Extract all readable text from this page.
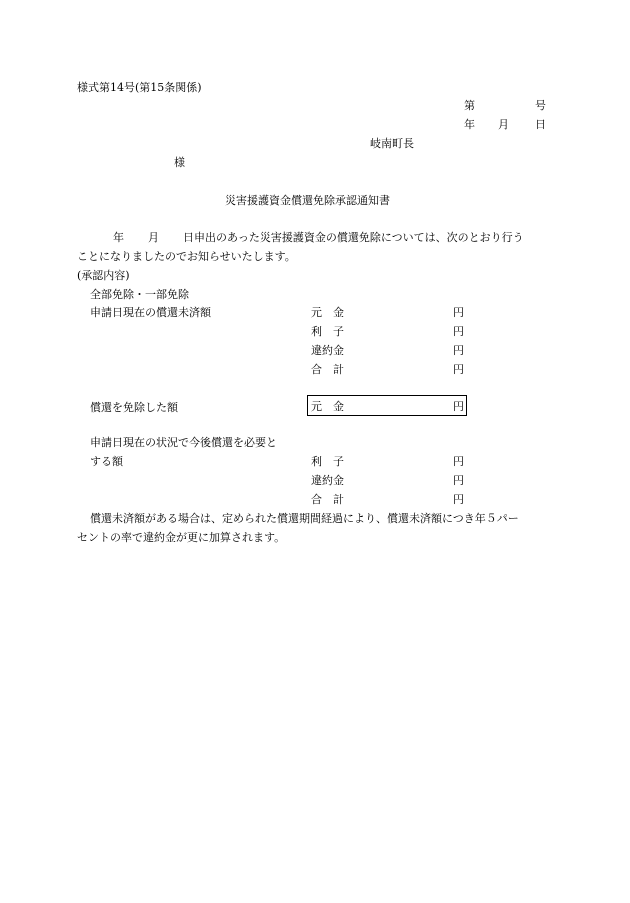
様式第14号(第15条関係)
第	号
年 月 日
岐南町長
様
災害援護資金償還免除承認通知書
年 月 日申出のあった災害援護資金の償還免除については、次のとおり行う
ことになりましたのでお知らせいたします。
(承認内容)
全部免除・一部免除
申請日現在の償還未済額	元　金	円
利　子	円
違約金	円
合　計	円
償還を免除した額	元　金	円
申請日現在の状況で今後償還を必要と
する額	利　子	円
違約金	円
合　計	円
償還未済額がある場合は、定められた償還期間経過により、償還未済額につき年５パー
セントの率で違約金が更に加算されます。
